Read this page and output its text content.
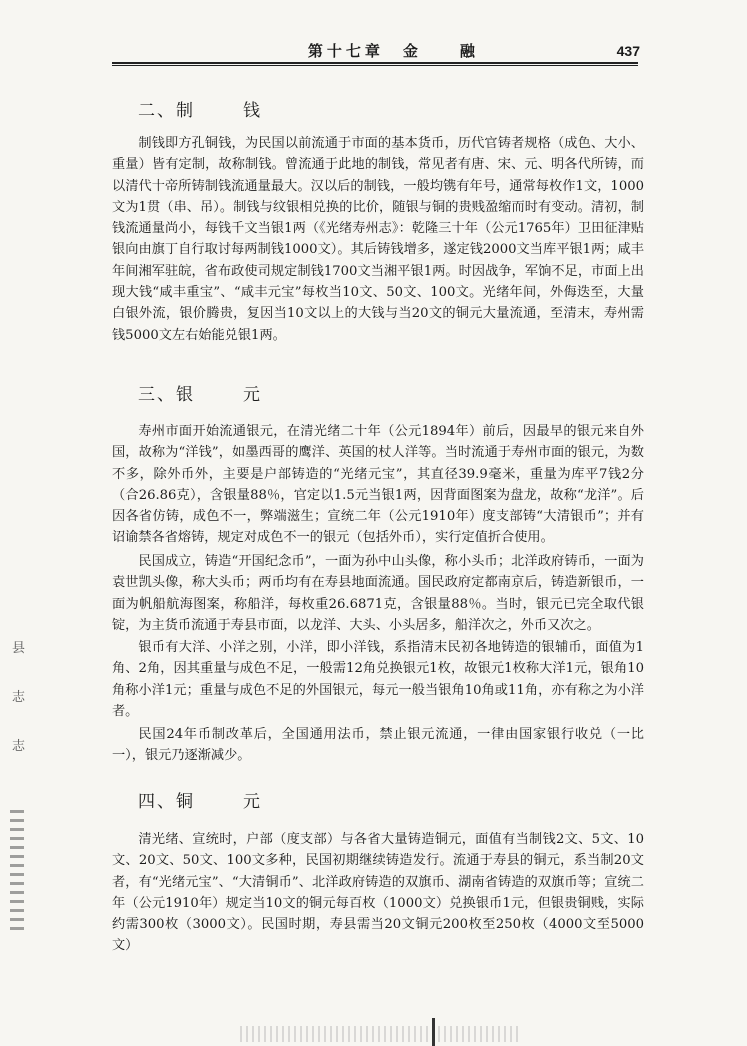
第十七章　金　　融	437
二、制	钱

制钱即方孔铜钱，为民国以前流通于市面的基本货币，历代官铸者规格（成色、大小、重量）皆有定制，故称制钱。曾流通于此地的制钱，常见者有唐、宋、元、明各代所铸，而以清代十帝所铸制钱流通量最大。汉以后的制钱，一般均镌有年号，通常每枚作1文，1000文为1贯（串、吊）。制钱与纹银相兑换的比价，随银与铜的贵贱盈缩而时有变动。清初，制钱流通量尚小，每钱千文当银1两（《光绪寿州志》：乾隆三十年（公元1765年）卫田征津贴银向由旗丁自行取讨每两制钱1000文）。其后铸钱增多，遂定钱2000文当库平银1两；咸丰年间湘军驻皖，省布政使司规定制钱1700文当湘平银1两。时因战争，军饷不足，市面上出现大钱“咸丰重宝”、“咸丰元宝”每枚当10文、50文、100文。光绪年间，外侮迭至，大量白银外流，银价腾贵，复因当10文以上的大钱与当20文的铜元大量流通，至清末，寿州需钱5000文左右始能兑银1两。

三、银	元

寿州市面开始流通银元，在清光绪二十年（公元1894年）前后，因最早的银元来自外国，故称为“洋钱”，如墨西哥的鹰洋、英国的杖人洋等。当时流通于寿州市面的银元，为数不多，除外币外，主要是户部铸造的“光绪元宝”，其直径39.9毫米，重量为库平7钱2分（合26.86克），含银量88％，官定以1.5元当银1两，因背面图案为盘龙，故称“龙洋”。后因各省仿铸，成色不一，弊端滋生；宣统二年（公元1910年）度支部铸“大清银币”；并有诏谕禁各省熔铸，规定对成色不一的银元（包括外币），实行定值折合使用。

民国成立，铸造“开国纪念币”，一面为孙中山头像，称小头币；北洋政府铸币，一面为袁世凯头像，称大头币；两币均有在寿县地面流通。国民政府定都南京后，铸造新银币，一面为帆船航海图案，称船洋，每枚重26.6871克，含银量88％。当时，银元已完全取代银锭，为主货币流通于寿县市面，以龙洋、大头、小头居多，船洋次之，外币又次之。

银币有大洋、小洋之别，小洋，即小洋钱，系指清末民初各地铸造的银辅币，面值为1角、2角，因其重量与成色不足，一般需12角兑换银元1枚，故银元1枚称大洋1元，银角10角称小洋1元；重量与成色不足的外国银元，每元一般当银角10角或11角，亦有称之为小洋者。

民国24年币制改革后，全国通用法币，禁止银元流通，一律由国家银行收兑（一比一），银元乃逐渐减少。

四、铜	元

清光绪、宣统时，户部（度支部）与各省大量铸造铜元，面值有当制钱2文、5文、10文、20文、50文、100文多种，民国初期继续铸造发行。流通于寿县的铜元，系当制20文者，有“光绪元宝”、“大清铜币”、北洋政府铸造的双旗币、湖南省铸造的双旗币等；宣统二年（公元1910年）规定当10文的铜元每百枚（1000文）兑换银币1元，但银贵铜贱，实际约需300枚（3000文）。民国时期，寿县需当20文铜元200枚至250枚（4000文至5000文）

县
志
志
